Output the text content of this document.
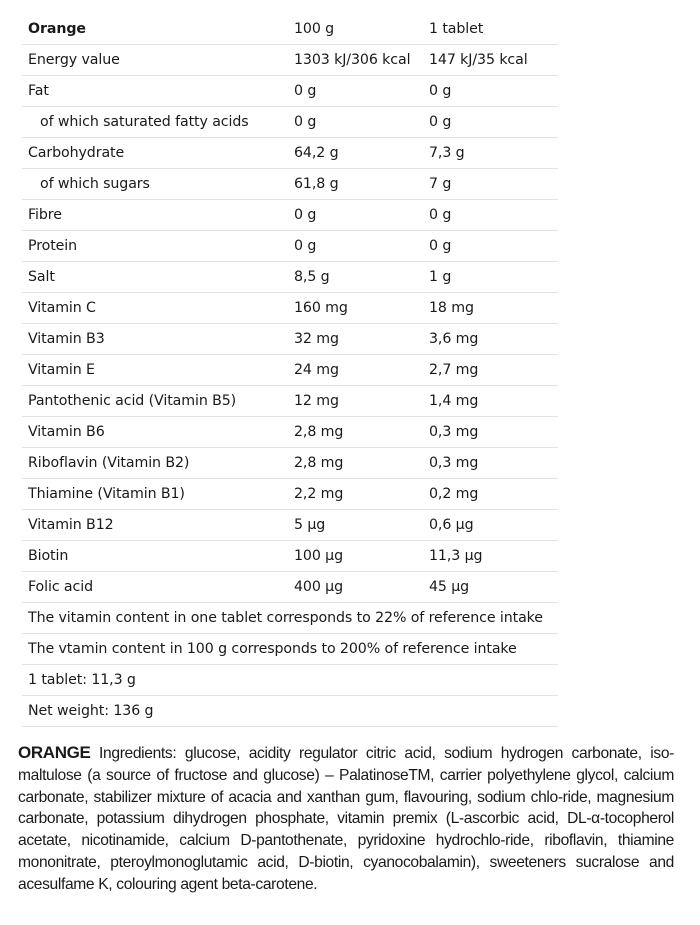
Orange	100 g	1 tablet
Energy value	1303 kJ/306 kcal	147 kJ/35 kcal
Fat	0 g	0 g
of which saturated fatty acids	0 g	0 g
Carbohydrate	64,2 g	7,3 g
of which sugars	61,8 g	7 g
Fibre	0 g	0 g
Protein	0 g	0 g
Salt	8,5 g	1 g
Vitamin C	160 mg	18 mg
Vitamin B3	32 mg	3,6 mg
Vitamin E	24 mg	2,7 mg
Pantothenic acid (Vitamin B5)	12 mg	1,4 mg
Vitamin B6	2,8 mg	0,3 mg
Riboflavin (Vitamin B2)	2,8 mg	0,3 mg
Thiamine (Vitamin B1)	2,2 mg	0,2 mg
Vitamin B12	5 µg	0,6 µg
Biotin	100 µg	11,3 µg
Folic acid	400 µg	45 µg
The vitamin content in one tablet corresponds to 22% of reference intake		
The vtamin content in 100 g corresponds to 200% of reference intake		
1 tablet: 11,3 g		
Net weight: 136 g		

ORANGE Ingredients: glucose, acidity regulator citric acid, sodium hydrogen carbonate, iso-maltulose (a source of fructose and glucose) – PalatinoseTM, carrier polyethylene glycol, calcium carbonate, stabilizer mixture of acacia and xanthan gum, flavouring, sodium chlo-ride, magnesium carbonate, potassium dihydrogen phosphate, vitamin premix (L-ascorbic acid, DL-α-tocopherol acetate, nicotinamide, calcium D-pantothenate, pyridoxine hydrochlo-ride, riboflavin, thiamine mononitrate, pteroylmonoglutamic acid, D-biotin, cyanocobalamin), sweeteners sucralose and acesulfame K, colouring agent beta-carotene.
